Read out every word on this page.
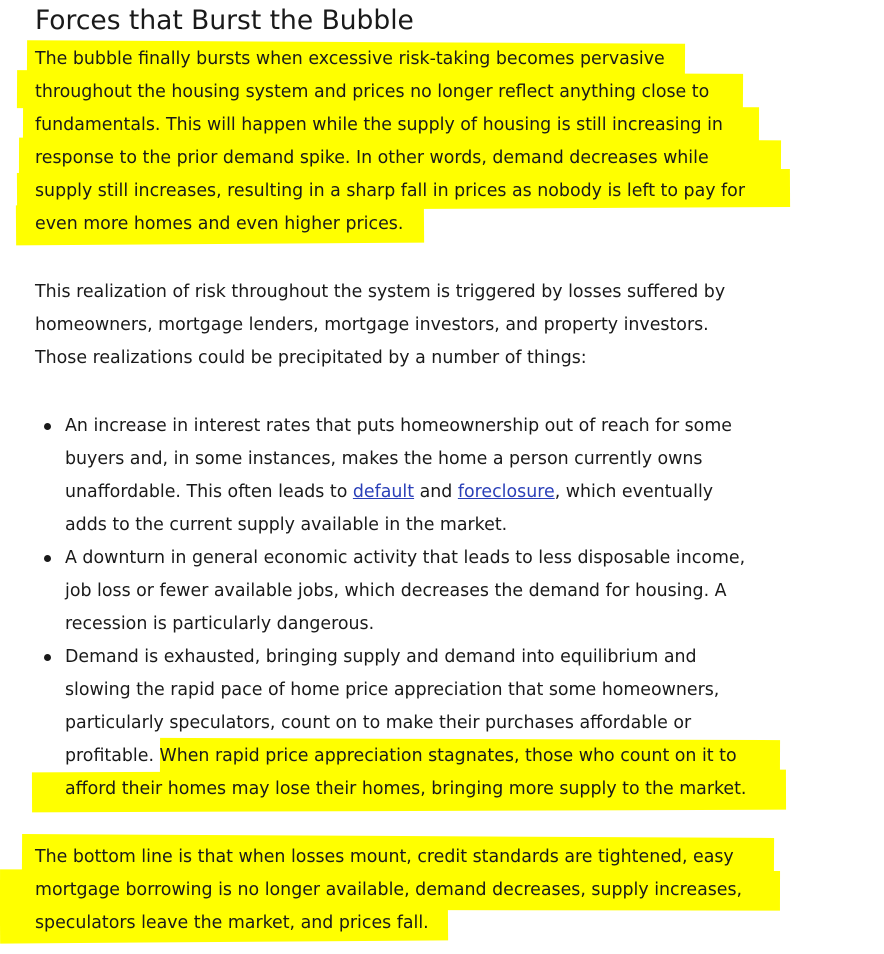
Forces that Burst the Bubble

The bubble finally bursts when excessive risk-taking becomes pervasive
throughout the housing system and prices no longer reflect anything close to
fundamentals. This will happen while the supply of housing is still increasing in
response to the prior demand spike. In other words, demand decreases while
supply still increases, resulting in a sharp fall in prices as nobody is left to pay for
even more homes and even higher prices.

This realization of risk throughout the system is triggered by losses suffered by
homeowners, mortgage lenders, mortgage investors, and property investors.
Those realizations could be precipitated by a number of things:

An increase in interest rates that puts homeownership out of reach for some
buyers and, in some instances, makes the home a person currently owns
unaffordable. This often leads to default and foreclosure, which eventually
adds to the current supply available in the market.
A downturn in general economic activity that leads to less disposable income,
job loss or fewer available jobs, which decreases the demand for housing. A
recession is particularly dangerous.
Demand is exhausted, bringing supply and demand into equilibrium and
slowing the rapid pace of home price appreciation that some homeowners,
particularly speculators, count on to make their purchases affordable or
profitable. When rapid price appreciation stagnates, those who count on it to
afford their homes may lose their homes, bringing more supply to the market.

The bottom line is that when losses mount, credit standards are tightened, easy
mortgage borrowing is no longer available, demand decreases, supply increases,
speculators leave the market, and prices fall.
